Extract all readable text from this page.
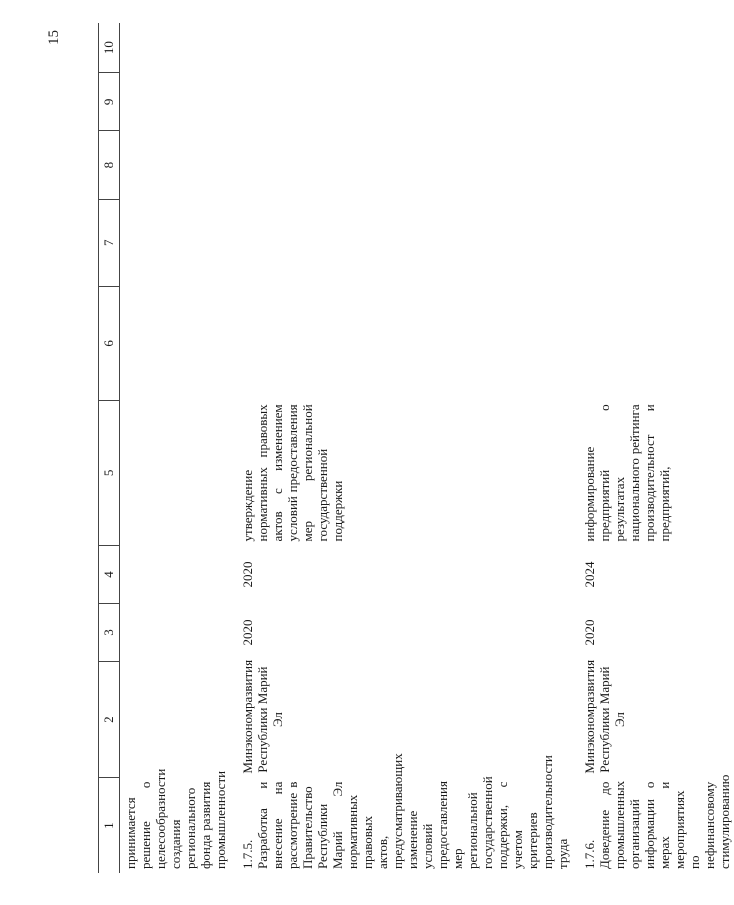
15
1	2	3	4	5	6	7	8	9	10
принимается решение о целесообразности создания регионального фонда развития промышленности									
1.7.5. Разработка и внесение на рассмотрение в Правительство Республики Марий Эл нормативных правовых актов, предусматривающих изменение условий предоставления мер региональной государственной поддержки, с учетом критериев производительности труда	Минэкономразвития Республики Марий Эл	2020	2020	утверждение нормативных правовых актов с изменением условий предоставления мер региональной государственной поддержки					
1.7.6. Доведение до промышленных организаций информации о мерах и мероприятиях по нефинансовому стимулированию	Минэкономразвития Республики Марий Эл	2020	2024	информирование предприятий о результатах национального рейтинга производительност и предприятий,					
